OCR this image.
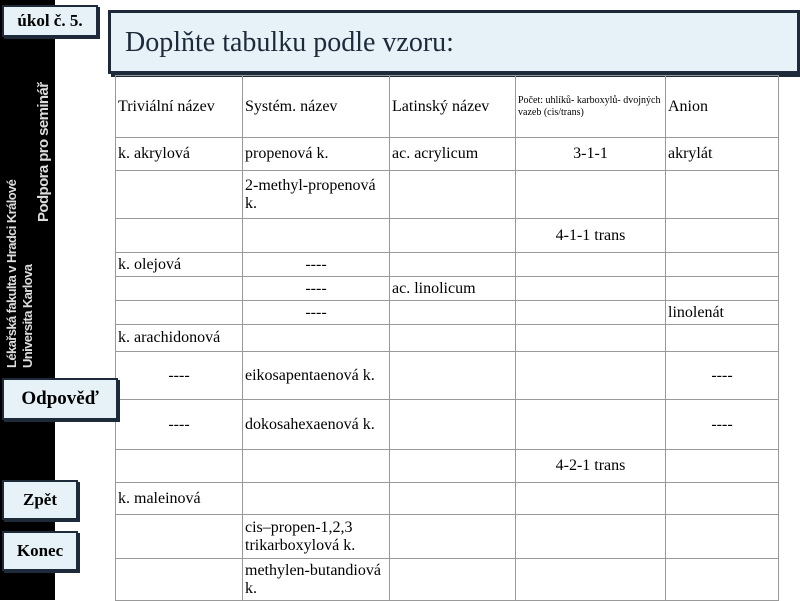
Lékařská fakulta v Hradci Králové Universita Karlova
Podpora pro seminář
úkol č. 5.
Doplňte tabulku podle vzoru:
Triviální název	Systém. název	Latinský název	Počet: uhlíků- karboxylů- dvojných vazeb (cis/trans)	Anion
k. akrylová	propenová k.	ac. acrylicum	3-1-1	akrylát
	2-methyl-propenová k.			
			4-1-1 trans	
k. olejová	----			
	----	ac. linolicum		
	----			linolenát
k. arachidonová				
----	eikosapentaenová k.			----
----	dokosahexaenová k.			----
			4-2-1 trans	
k. maleinová				
	cis–propen-1,2,3 trikarboxylová k.			
	methylen-butandiová k.			
Odpověď
Zpět
Konec
